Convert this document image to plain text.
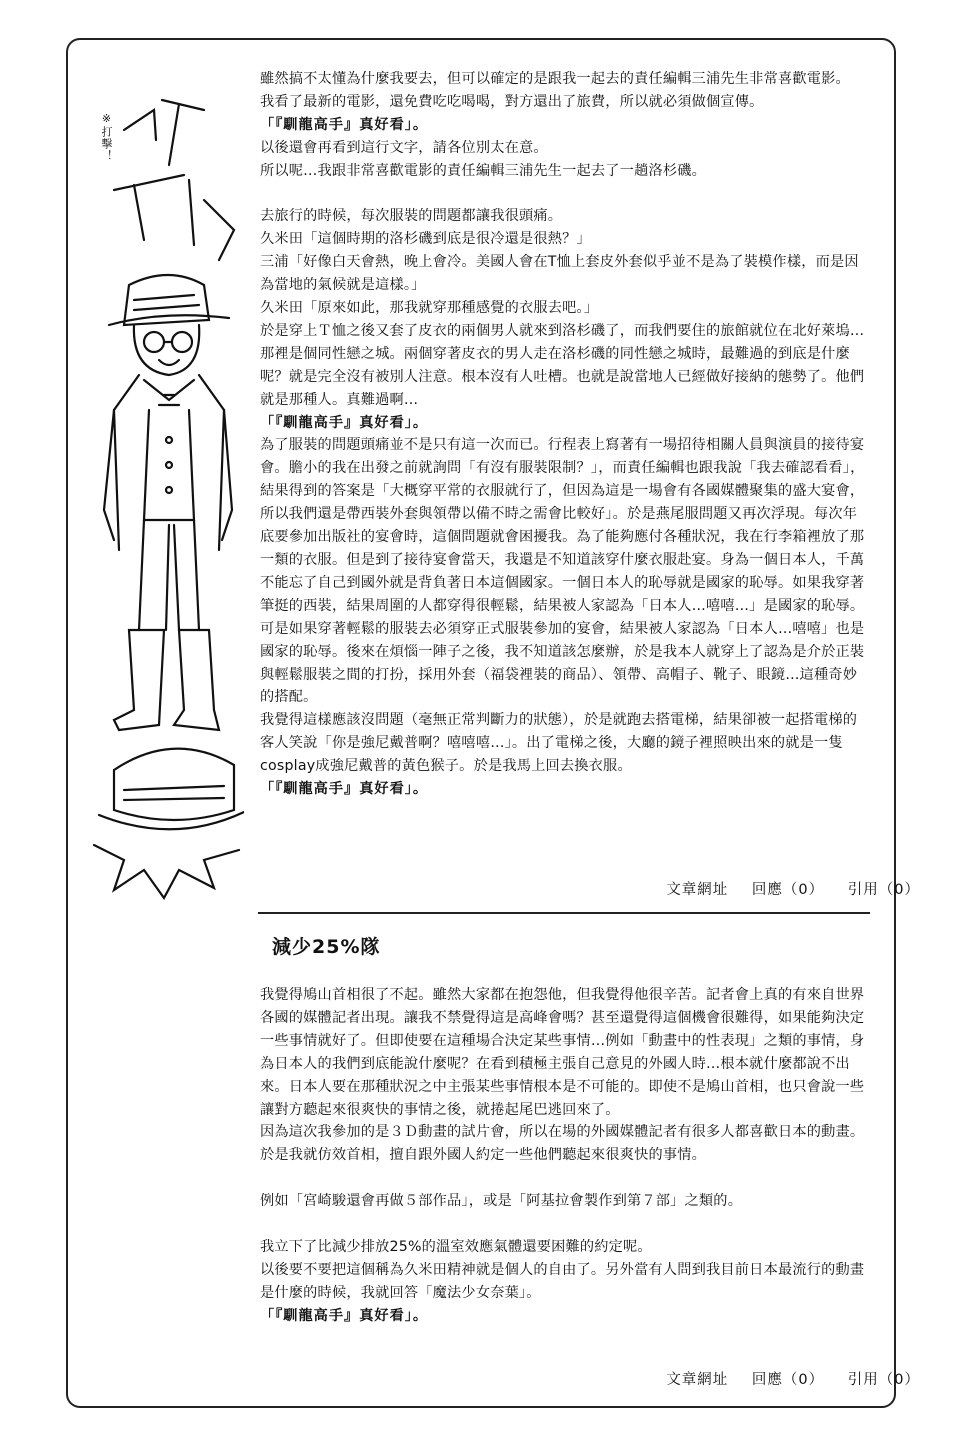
※打擊！

雖然搞不太懂為什麼我要去，但可以確定的是跟我一起去的責任編輯三浦先生非常喜歡電影。

我看了最新的電影，還免費吃吃喝喝，對方還出了旅費，所以就必須做個宣傳。

「『馴龍高手』真好看」。

以後還會再看到這行文字，請各位別太在意。

所以呢…我跟非常喜歡電影的責任編輯三浦先生一起去了一趟洛杉磯。

去旅行的時候，每次服裝的問題都讓我很頭痛。

久米田「這個時期的洛杉磯到底是很冷還是很熱？」

三浦「好像白天會熱，晚上會冷。美國人會在T恤上套皮外套似乎並不是為了裝模作樣，而是因為當地的氣候就是這樣。」

久米田「原來如此，那我就穿那種感覺的衣服去吧。」

於是穿上Ｔ恤之後又套了皮衣的兩個男人就來到洛杉磯了，而我們要住的旅館就位在北好萊塢…那裡是個同性戀之城。兩個穿著皮衣的男人走在洛杉磯的同性戀之城時，最難過的到底是什麼呢？就是完全沒有被別人注意。根本沒有人吐槽。也就是說當地人已經做好接納的態勢了。他們就是那種人。真難過啊…

「『馴龍高手』真好看」。

為了服裝的問題頭痛並不是只有這一次而已。行程表上寫著有一場招待相關人員與演員的接待宴會。膽小的我在出發之前就詢問「有沒有服裝限制？」，而責任編輯也跟我說「我去確認看看」，結果得到的答案是「大概穿平常的衣服就行了，但因為這是一場會有各國媒體聚集的盛大宴會，所以我們還是帶西裝外套與領帶以備不時之需會比較好」。於是燕尾服問題又再次浮現。每次年底要參加出版社的宴會時，這個問題就會困擾我。為了能夠應付各種狀況，我在行李箱裡放了那一類的衣服。但是到了接待宴會當天，我還是不知道該穿什麼衣服赴宴。身為一個日本人，千萬不能忘了自己到國外就是背負著日本這個國家。一個日本人的恥辱就是國家的恥辱。如果我穿著筆挺的西裝，結果周圍的人都穿得很輕鬆，結果被人家認為「日本人…嘻嘻…」是國家的恥辱。可是如果穿著輕鬆的服裝去必須穿正式服裝參加的宴會，結果被人家認為「日本人…嘻嘻」也是國家的恥辱。後來在煩惱一陣子之後，我不知道該怎麼辦，於是我本人就穿上了認為是介於正裝與輕鬆服裝之間的打扮，採用外套（福袋裡裝的商品）、領帶、高帽子、靴子、眼鏡…這種奇妙的搭配。

我覺得這樣應該沒問題（毫無正常判斷力的狀態），於是就跑去搭電梯，結果卻被一起搭電梯的客人笑說「你是強尼戴普啊？嘻嘻嘻…」。出了電梯之後，大廳的鏡子裡照映出來的就是一隻cosplay成強尼戴普的黃色猴子。於是我馬上回去換衣服。

「『馴龍高手』真好看」。

文章網址 回應（0） 引用（0）
減少25%隊

我覺得鳩山首相很了不起。雖然大家都在抱怨他，但我覺得他很辛苦。記者會上真的有來自世界各國的媒體記者出現。讓我不禁覺得這是高峰會嗎？甚至還覺得這個機會很難得，如果能夠決定一些事情就好了。但即使要在這種場合決定某些事情…例如「動畫中的性表現」之類的事情，身為日本人的我們到底能說什麼呢？在看到積極主張自己意見的外國人時…根本就什麼都說不出來。日本人要在那種狀況之中主張某些事情根本是不可能的。即使不是鳩山首相，也只會說一些讓對方聽起來很爽快的事情之後，就捲起尾巴逃回來了。

因為這次我參加的是３Ｄ動畫的試片會，所以在場的外國媒體記者有很多人都喜歡日本的動畫。於是我就仿效首相，擅自跟外國人約定一些他們聽起來很爽快的事情。

例如「宮崎駿還會再做５部作品」，或是「阿基拉會製作到第７部」之類的。

我立下了比減少排放25%的溫室效應氣體還要困難的約定呢。

以後要不要把這個稱為久米田精神就是個人的自由了。另外當有人問到我目前日本最流行的動畫是什麼的時候，我就回答「魔法少女奈葉」。

「『馴龍高手』真好看」。

文章網址 回應（0） 引用（0）
